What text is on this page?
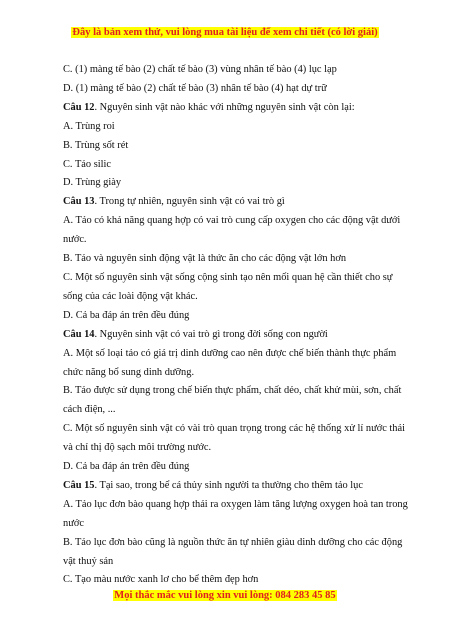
Đây là bản xem thử, vui lòng mua tài liệu để xem chi tiết (có lời giải)
C. (1) màng tế bào (2) chất tế bào (3) vùng nhân tế bào (4) lục lạp
D. (1) màng tế bào (2) chất tế bào (3) nhân tế bào (4) hạt dự trữ
Câu 12. Nguyên sinh vật nào khác với những nguyên sinh vật còn lại:
A. Trùng roi
B. Trùng sốt rét
C. Tảo silic
D. Trùng giày
Câu 13. Trong tự nhiên, nguyên sinh vật có vai trò gì
A. Tảo có khả năng quang hợp có vai trò cung cấp oxygen cho các động vật dưới nước.
B. Tảo và nguyên sinh động vật là thức ăn cho các động vật lớn hơn
C. Một số nguyên sinh vật sống cộng sinh tạo nên mối quan hệ cần thiết cho sự sống của các loài động vật khác.
D. Cả ba đáp án trên đều đúng
Câu 14. Nguyên sinh vật có vai trò gì trong đời sống con người
A. Một số loại tảo có giá trị dinh dưỡng cao nên được chế biến thành thực phẩm chức năng bổ sung dinh dưỡng.
B. Tảo được sử dụng trong chế biến thực phẩm, chất dẻo, chất khử mùi, sơn, chất cách điện, ...
C. Một số nguyên sinh vật có vài trò quan trọng trong các hệ thống xử lí nước thải và chỉ thị độ sạch môi trường nước.
D. Cả ba đáp án trên đều đúng
Câu 15. Tại sao, trong bể cá thủy sinh người ta thường cho thêm tảo lục
A. Tảo lục đơn bào quang hợp thải ra oxygen làm tăng lượng oxygen hoà tan trong nước
B. Tảo lục đơn bào cũng là nguồn thức ăn tự nhiên giàu dinh dưỡng cho các động vật thuỷ sản
C. Tạo màu nước xanh lơ cho bể thêm đẹp hơn
Mọi thắc mắc vui lòng xin vui lòng: 084 283 45 85
